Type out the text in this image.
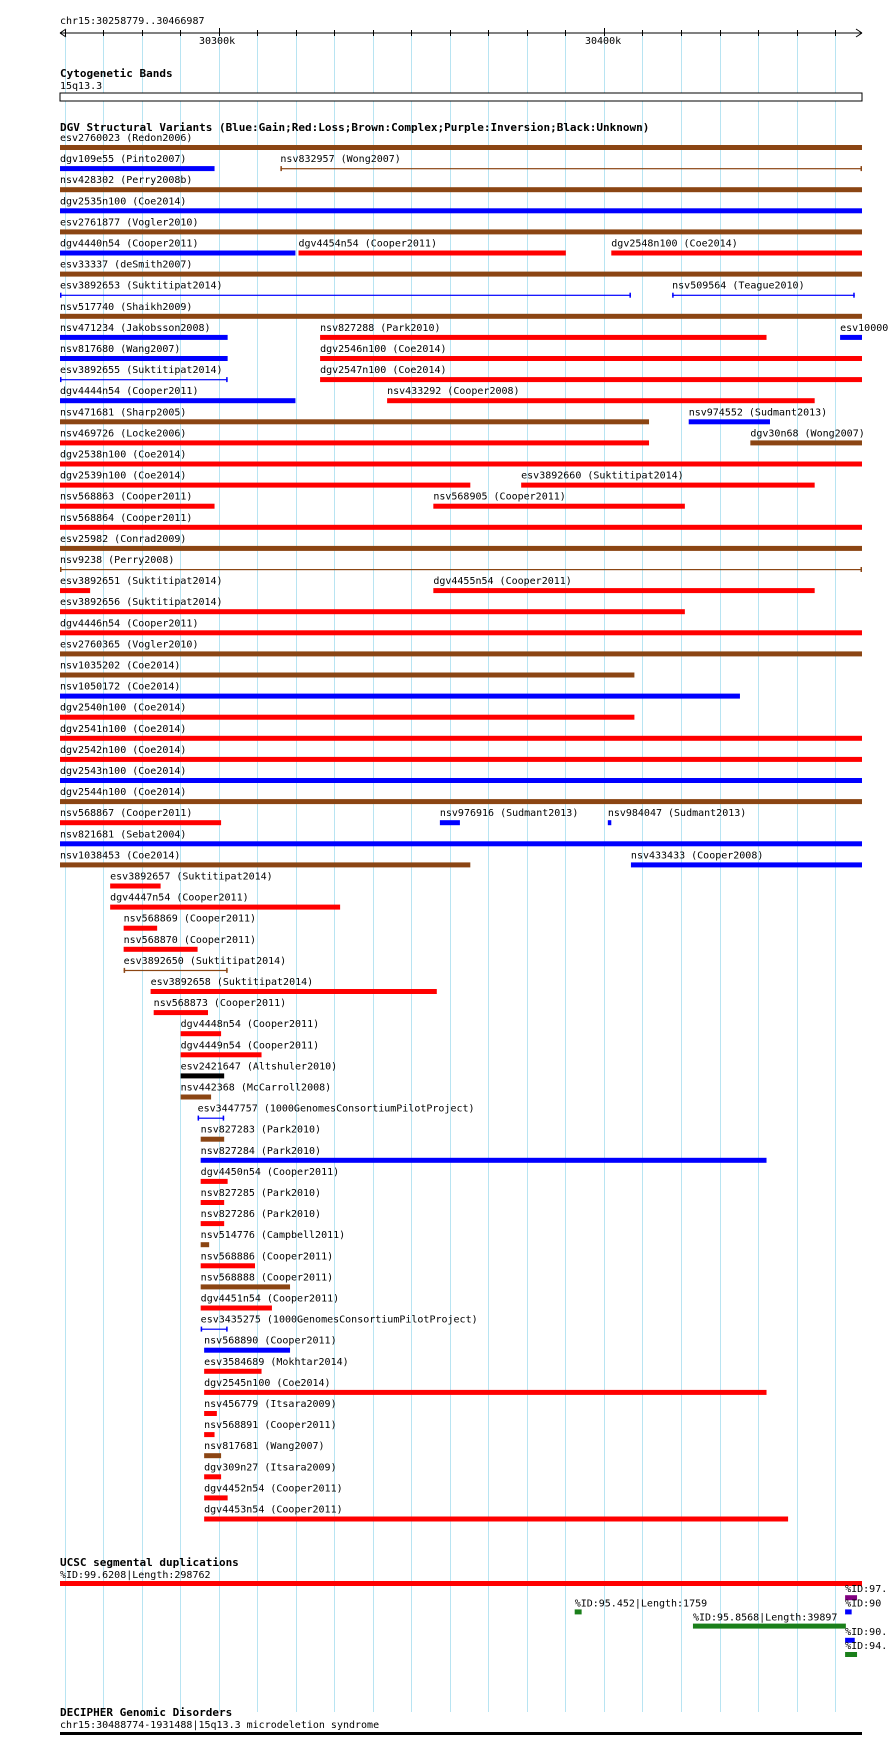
chr15:30258779..30466987
30300k	30400k
Cytogenetic Bands
15q13.3
DGV Structural Variants (Blue:Gain;Red:Loss;Brown:Complex;Purple:Inversion;Black:Unknown)
esv2760023 (Redon2006)
dgv109e55 (Pinto2007)	nsv832957 (Wong2007)
nsv428302 (Perry2008b)
dgv2535n100 (Coe2014)
esv2761877 (Vogler2010)
dgv4440n54 (Cooper2011)	dgv4454n54 (Cooper2011)	dgv2548n100 (Coe2014)
esv33337 (deSmith2007)
esv3892653 (Suktitipat2014)	nsv509564 (Teague2010)
nsv517740 (Shaikh2009)
nsv471234 (Jakobsson2008)	nsv827288 (Park2010)	esv10000
nsv817680 (Wang2007)	dgv2546n100 (Coe2014)
esv3892655 (Suktitipat2014)	dgv2547n100 (Coe2014)
dgv4444n54 (Cooper2011)	nsv433292 (Cooper2008)
nsv471681 (Sharp2005)	nsv974552 (Sudmant2013)
nsv469726 (Locke2006)	dgv30n68 (Wong2007)
dgv2538n100 (Coe2014)
dgv2539n100 (Coe2014)	esv3892660 (Suktitipat2014)
nsv568863 (Cooper2011)	nsv568905 (Cooper2011)
nsv568864 (Cooper2011)
esv25982 (Conrad2009)
nsv9238 (Perry2008)
esv3892651 (Suktitipat2014)	dgv4455n54 (Cooper2011)
esv3892656 (Suktitipat2014)
dgv4446n54 (Cooper2011)
esv2760365 (Vogler2010)
nsv1035202 (Coe2014)
nsv1050172 (Coe2014)
dgv2540n100 (Coe2014)
dgv2541n100 (Coe2014)
dgv2542n100 (Coe2014)
dgv2543n100 (Coe2014)
dgv2544n100 (Coe2014)
nsv568867 (Cooper2011)	nsv976916 (Sudmant2013)	nsv984047 (Sudmant2013)
nsv821681 (Sebat2004)
nsv1038453 (Coe2014)	nsv433433 (Cooper2008)
esv3892657 (Suktitipat2014)
dgv4447n54 (Cooper2011)
nsv568869 (Cooper2011)
nsv568870 (Cooper2011)
esv3892650 (Suktitipat2014)
esv3892658 (Suktitipat2014)
nsv568873 (Cooper2011)
dgv4448n54 (Cooper2011)
dgv4449n54 (Cooper2011)
esv2421647 (Altshuler2010)
nsv442368 (McCarroll2008)
esv3447757 (1000GenomesConsortiumPilotProject)
nsv827283 (Park2010)
nsv827284 (Park2010)
dgv4450n54 (Cooper2011)
nsv827285 (Park2010)
nsv827286 (Park2010)
nsv514776 (Campbell2011)
nsv568886 (Cooper2011)
nsv568888 (Cooper2011)
dgv4451n54 (Cooper2011)
esv3435275 (1000GenomesConsortiumPilotProject)
nsv568890 (Cooper2011)
esv3584689 (Mokhtar2014)
dgv2545n100 (Coe2014)
nsv456779 (Itsara2009)
nsv568891 (Cooper2011)
nsv817681 (Wang2007)
dgv309n27 (Itsara2009)
dgv4452n54 (Cooper2011)
dgv4453n54 (Cooper2011)
UCSC segmental duplications
%ID:99.6208|Length:298762
%ID:97.
%ID:95.452|Length:1759	%ID:90
%ID:95.8568|Length:39897
%ID:90.
%ID:94.
DECIPHER Genomic Disorders
chr15:30488774-1931488|15q13.3 microdeletion syndrome
